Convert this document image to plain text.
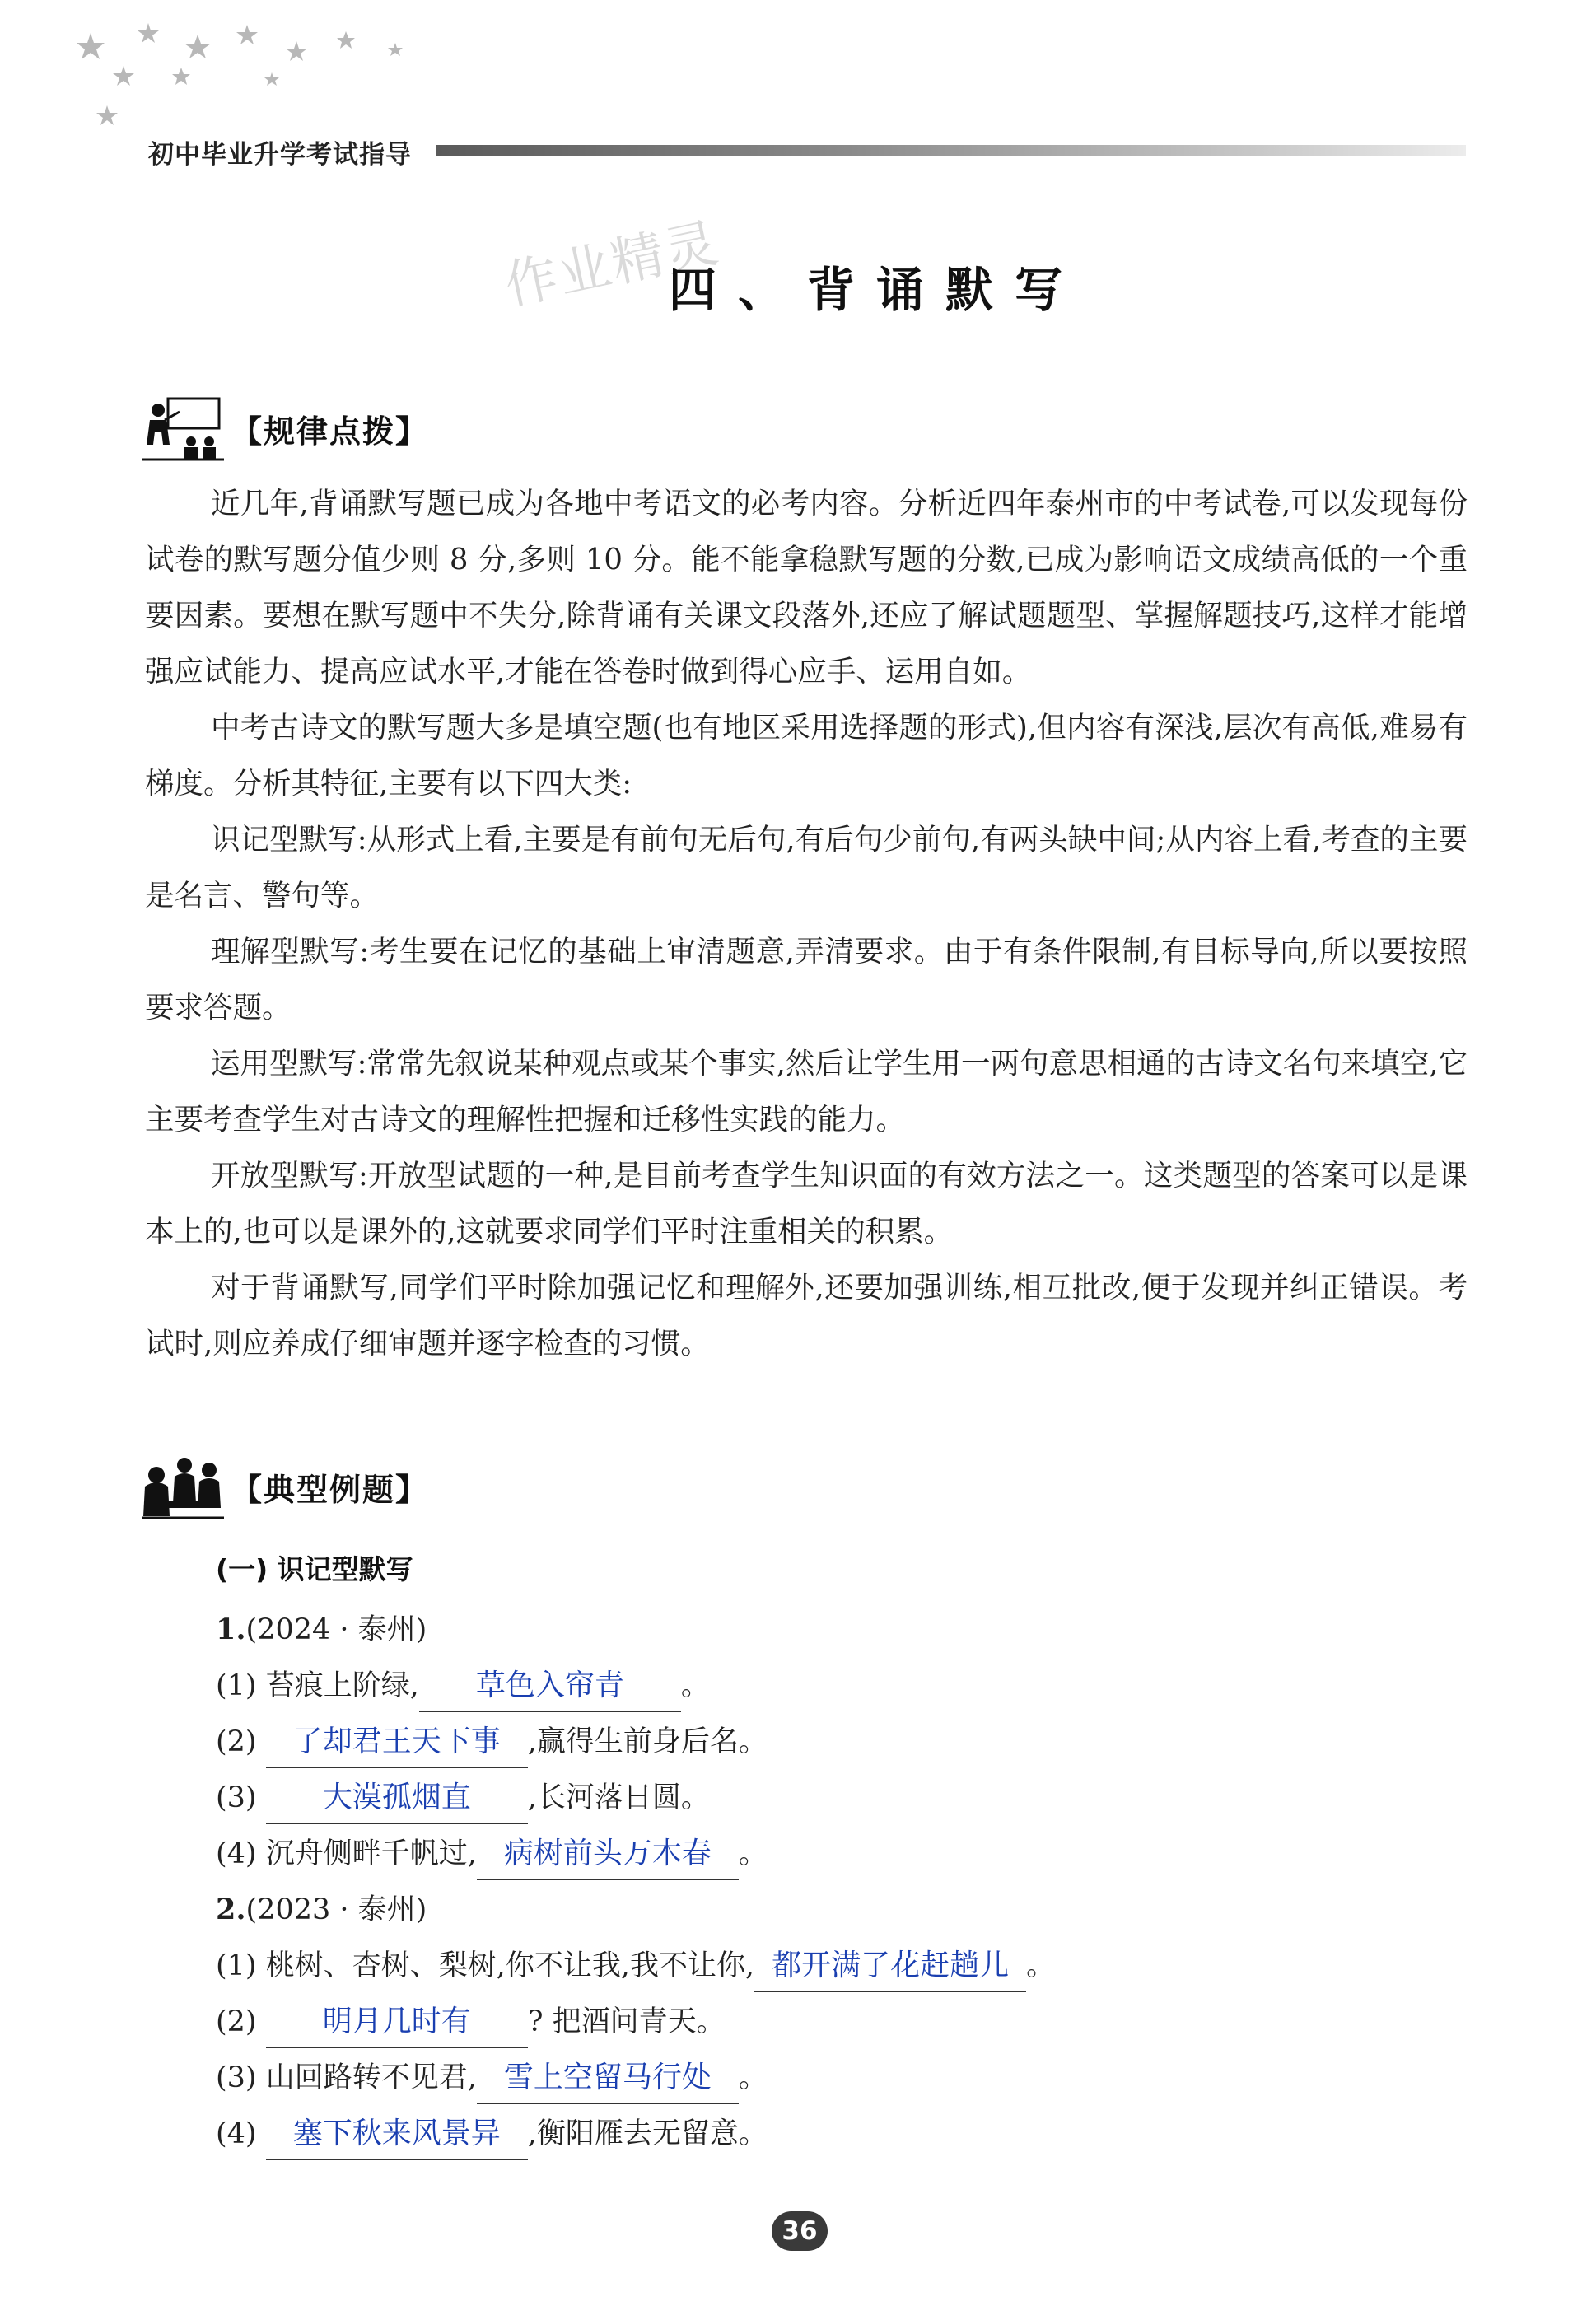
初中毕业升学考试指导
作业精灵
四、背诵默写
【规律点拨】

近几年,背诵默写题已成为各地中考语文的必考内容。分析近四年泰州市的中考试卷,可以发现每份试卷的默写题分值少则 8 分,多则 10 分。能不能拿稳默写题的分数,已成为影响语文成绩高低的一个重要因素。要想在默写题中不失分,除背诵有关课文段落外,还应了解试题题型、掌握解题技巧,这样才能增强应试能力、提高应试水平,才能在答卷时做到得心应手、运用自如。

中考古诗文的默写题大多是填空题(也有地区采用选择题的形式),但内容有深浅,层次有高低,难易有梯度。分析其特征,主要有以下四大类:

识记型默写:从形式上看,主要是有前句无后句,有后句少前句,有两头缺中间;从内容上看,考查的主要是名言、警句等。

理解型默写:考生要在记忆的基础上审清题意,弄清要求。由于有条件限制,有目标导向,所以要按照要求答题。

运用型默写:常常先叙说某种观点或某个事实,然后让学生用一两句意思相通的古诗文名句来填空,它主要考查学生对古诗文的理解性把握和迁移性实践的能力。

开放型默写:开放型试题的一种,是目前考查学生知识面的有效方法之一。这类题型的答案可以是课本上的,也可以是课外的,这就要求同学们平时注重相关的积累。

对于背诵默写,同学们平时除加强记忆和理解外,还要加强训练,相互批改,便于发现并纠正错误。考试时,则应养成仔细审题并逐字检查的习惯。

【典型例题】
(一) 识记型默写
1.(2024 · 泰州)
(1) 苔痕上阶绿, 草色入帘青 。
(2) 了却君王天下事 ,赢得生前身后名。
(3) 大漠孤烟直 ,长河落日圆。
(4) 沉舟侧畔千帆过, 病树前头万木春 。
2.(2023 · 泰州)
(1) 桃树、杏树、梨树,你不让我,我不让你, 都开满了花赶趟儿 。
(2) 明月几时有 ? 把酒问青天。
(3) 山回路转不见君, 雪上空留马行处 。
(4) 塞下秋来风景异 ,衡阳雁去无留意。
36
